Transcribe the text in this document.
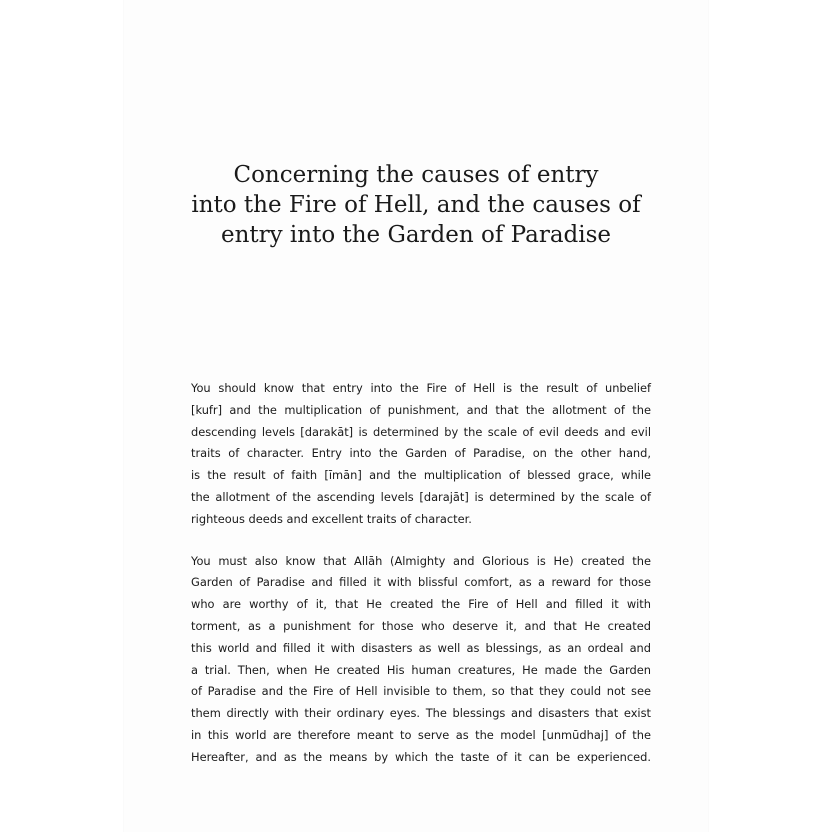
Concerning the causes of entry
into the Fire of Hell, and the causes of
entry into the Garden of Paradise

You should know that entry into the Fire of Hell is the result of unbelief
[kufr] and the multiplication of punishment, and that the allotment of the
descending levels [darakāt] is determined by the scale of evil deeds and evil
traits of character. Entry into the Garden of Paradise, on the other hand,
is the result of faith [īmān] and the multiplication of blessed grace, while
the allotment of the ascending levels [darajāt] is determined by the scale of
righteous deeds and excellent traits of character.

You must also know that Allāh (Almighty and Glorious is He) created the
Garden of Paradise and filled it with blissful comfort, as a reward for those
who are worthy of it, that He created the Fire of Hell and filled it with
torment, as a punishment for those who deserve it, and that He created
this world and filled it with disasters as well as blessings, as an ordeal and
a trial. Then, when He created His human creatures, He made the Garden
of Paradise and the Fire of Hell invisible to them, so that they could not see
them directly with their ordinary eyes. The blessings and disasters that exist
in this world are therefore meant to serve as the model [unmūdhaj] of the
Hereafter, and as the means by which the taste of it can be experienced.
